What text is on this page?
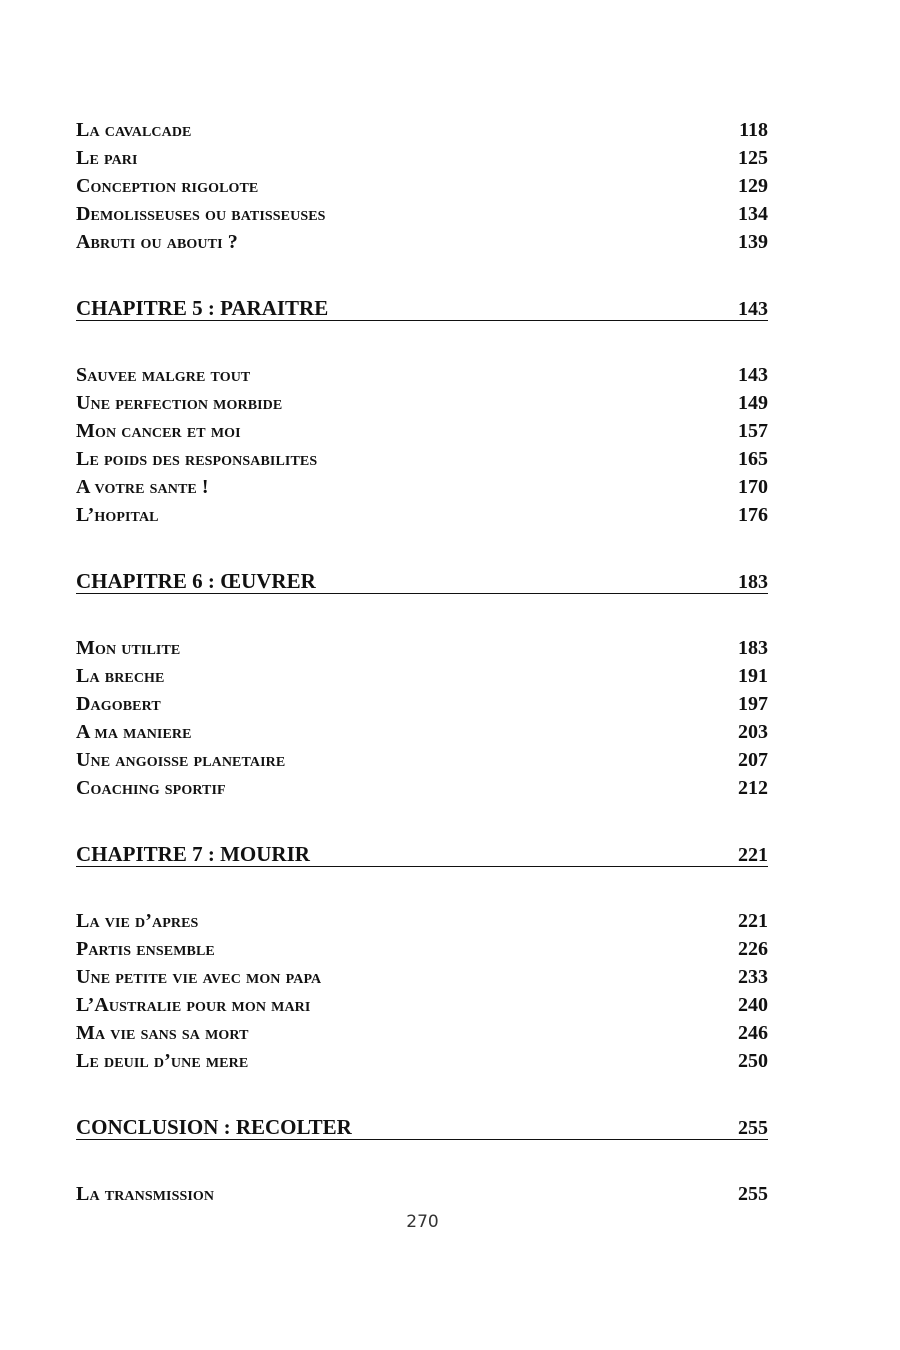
La cavalcade	118
Le pari	125
Conception rigolote	129
Demolisseuses ou batisseuses	134
Abruti ou abouti ?	139
CHAPITRE 5 : PARAITRE	143
Sauvee malgre tout	143
Une perfection morbide	149
Mon cancer et moi	157
Le poids des responsabilites	165
A votre sante !	170
L’hopital	176
CHAPITRE 6 : ŒUVRER	183
Mon utilite	183
La breche	191
Dagobert	197
A ma maniere	203
Une angoisse planetaire	207
Coaching sportif	212
CHAPITRE 7 : MOURIR	221
La vie d’apres	221
Partis ensemble	226
Une petite vie avec mon papa	233
L’Australie pour mon mari	240
Ma vie sans sa mort	246
Le deuil d’une mere	250
CONCLUSION : RECOLTER	255
La transmission	255
270
